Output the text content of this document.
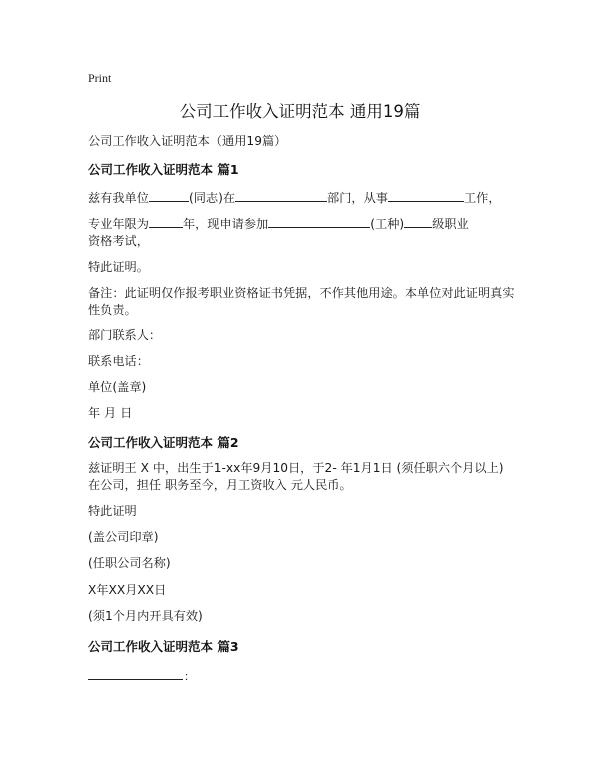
Print
公司工作收入证明范本 通用19篇
公司工作收入证明范本（通用19篇）
公司工作收入证明范本 篇1
兹有我单位	(同志)在	部门，从事	工作，
专业年限为	年，现申请参加	(工种) 级职业资格考试，
特此证明。
备注：此证明仅作报考职业资格证书凭据，不作其他用途。本单位对此证明真实性负责。
部门联系人：
联系电话：
单位(盖章)
年 月 日
公司工作收入证明范本 篇2
兹证明王 X 中，出生于1-xx年9月10日，于2- 年1月1日 (须任职六个月以上) 在公司，担任 职务至今，月工资收入 元人民币。
特此证明
(盖公司印章)
(任职公司名称)
X年XX月XX日
(须1个月内开具有效)
公司工作收入证明范本 篇3
：
